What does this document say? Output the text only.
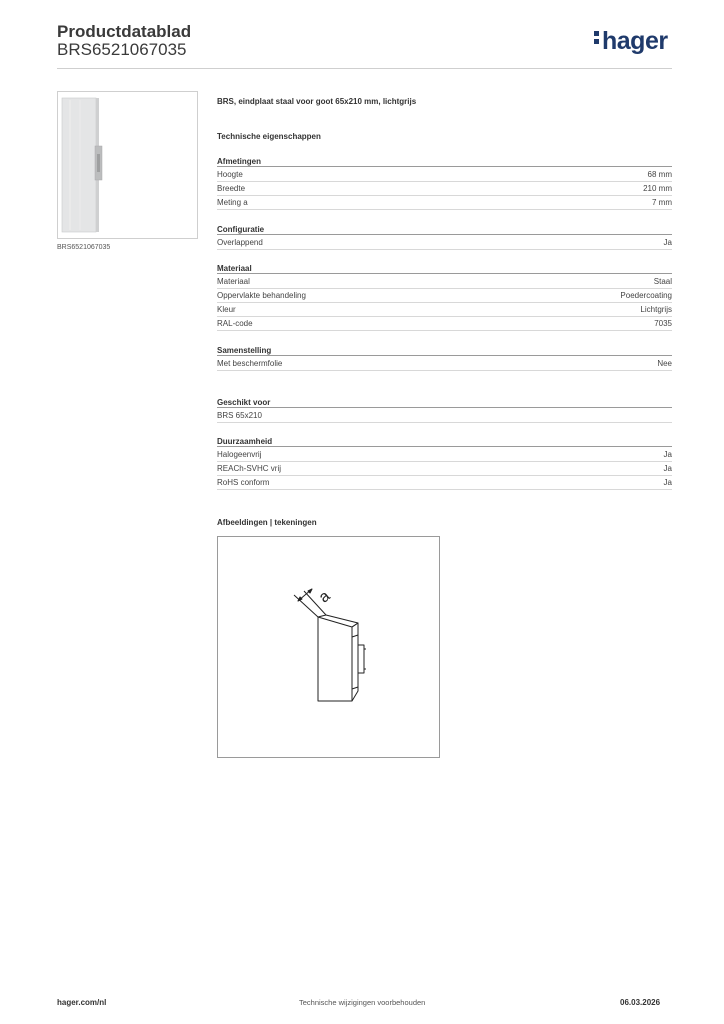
Productdatablad
BRS6521067035	hager
BRS6521067035
BRS, eindplaat staal voor goot 65x210 mm, lichtgrijs
Technische eigenschappen
Afmetingen
Hoogte	68 mm
Breedte	210 mm
Meting a	7 mm
Configuratie
Overlappend	Ja
Materiaal
Materiaal	Staal
Oppervlakte behandeling	Poedercoating
Kleur	Lichtgrijs
RAL-code	7035
Samenstelling
Met beschermfolie	Nee
Geschikt voor
BRS 65x210
Duurzaamheid
Halogeenvrij	Ja
REACh-SVHC vrij	Ja
RoHS conform	Ja
Afbeeldingen | tekeningen
a
hager.com/nl	Technische wijzigingen voorbehouden	06.03.2026
